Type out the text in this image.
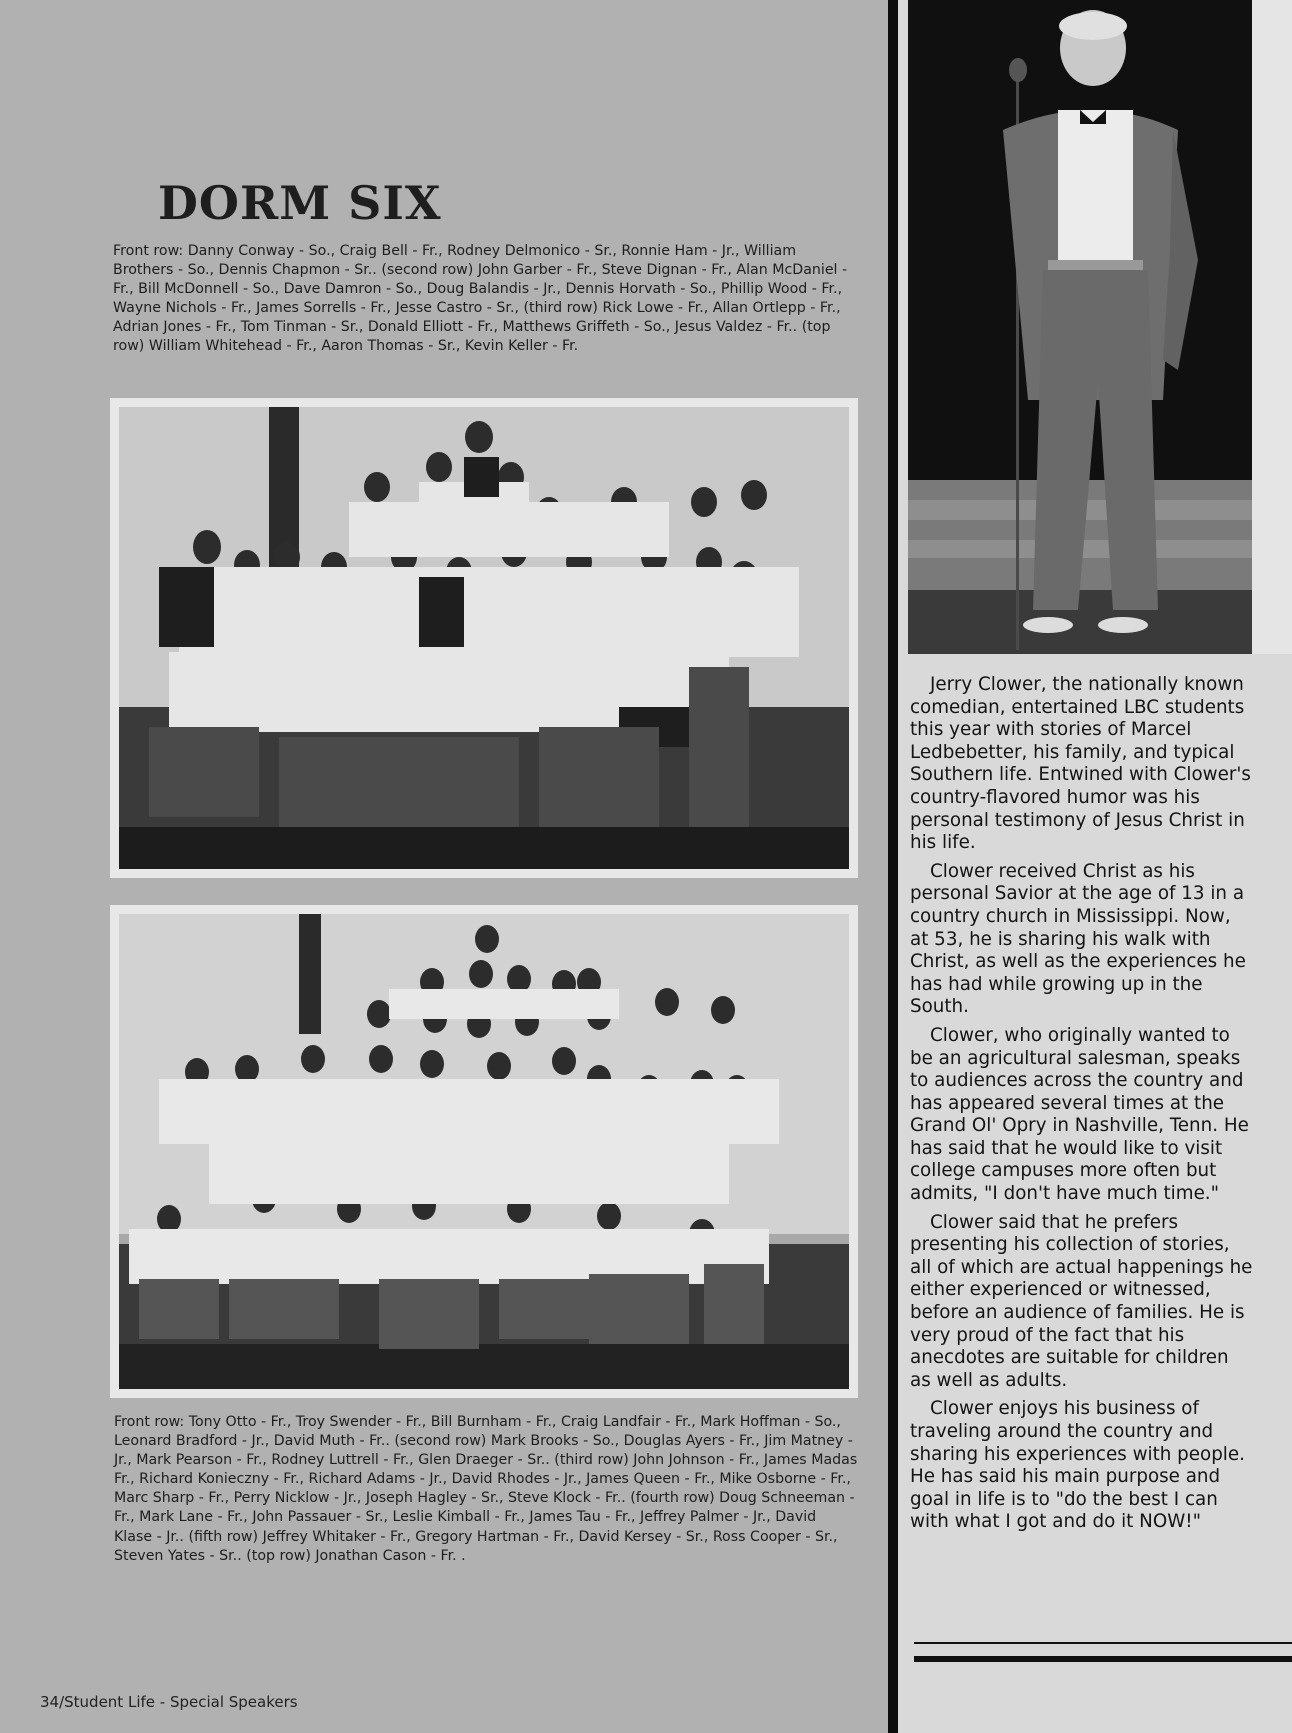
DORM SIX

Front row: Danny Conway - So., Craig Bell - Fr., Rodney Delmonico - Sr., Ronnie Ham - Jr., William Brothers - So., Dennis Chapmon - Sr.. (second row) John Garber - Fr., Steve Dignan - Fr., Alan McDaniel - Fr., Bill McDonnell - So., Dave Damron - So., Doug Balandis - Jr., Dennis Horvath - So., Phillip Wood - Fr., Wayne Nichols - Fr., James Sorrells - Fr., Jesse Castro - Sr., (third row) Rick Lowe - Fr., Allan Ortlepp - Fr., Adrian Jones - Fr., Tom Tinman - Sr., Donald Elliott - Fr., Matthews Griffeth - So., Jesus Valdez - Fr.. (top row) William Whitehead - Fr., Aaron Thomas - Sr., Kevin Keller - Fr.

Front row: Tony Otto - Fr., Troy Swender - Fr., Bill Burnham - Fr., Craig Landfair - Fr., Mark Hoffman - So., Leonard Bradford - Jr., David Muth - Fr.. (second row) Mark Brooks - So., Douglas Ayers - Fr., Jim Matney - Jr., Mark Pearson - Fr., Rodney Luttrell - Fr., Glen Draeger - Sr.. (third row) John Johnson - Fr., James Madas Fr., Richard Konieczny - Fr., Richard Adams - Jr., David Rhodes - Jr., James Queen - Fr., Mike Osborne - Fr., Marc Sharp - Fr., Perry Nicklow - Jr., Joseph Hagley - Sr., Steve Klock - Fr.. (fourth row) Doug Schneeman - Fr., Mark Lane - Fr., John Passauer - Sr., Leslie Kimball - Fr., James Tau - Fr., Jeffrey Palmer - Jr., David Klase - Jr.. (fifth row) Jeffrey Whitaker - Fr., Gregory Hartman - Fr., David Kersey - Sr., Ross Cooper - Sr., Steven Yates - Sr.. (top row) Jonathan Cason - Fr. .

Jerry Clower, the nationally known comedian, entertained LBC students this year with stories of Marcel Ledbebetter, his family, and typical Southern life. Entwined with Clower's country-flavored humor was his personal testimony of Jesus Christ in his life.

Clower received Christ as his personal Savior at the age of 13 in a country church in Mississippi. Now, at 53, he is sharing his walk with Christ, as well as the experiences he has had while growing up in the South.

Clower, who originally wanted to be an agricultural salesman, speaks to audiences across the country and has appeared several times at the Grand Ol' Opry in Nashville, Tenn. He has said that he would like to visit college campuses more often but admits, "I don't have much time."

Clower said that he prefers presenting his collection of stories, all of which are actual happenings he either experienced or witnessed, before an audience of families. He is very proud of the fact that his anecdotes are suitable for children as well as adults.

Clower enjoys his business of traveling around the country and sharing his experiences with people. He has said his main purpose and goal in life is to "do the best I can with what I got and do it NOW!"

34/Student Life - Special Speakers
